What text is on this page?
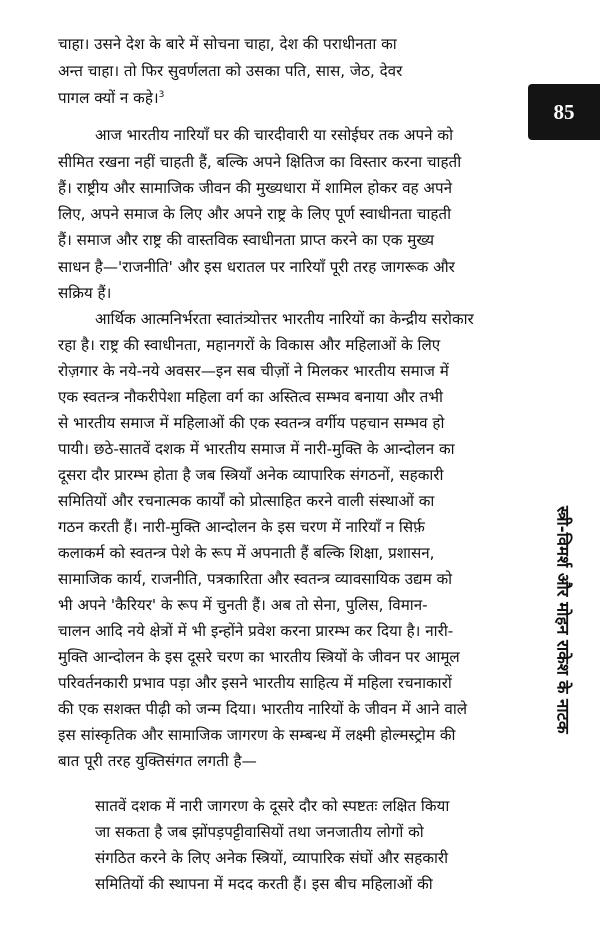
85
स्त्री-विमर्श और मोहन राकेश के नाटक
चाहा। उसने देश के बारे में सोचना चाहा, देश की पराधीनता का
अन्त चाहा। तो फिर सुवर्णलता को उसका पति, सास, जेठ, देवर
पागल क्यों न कहे।$^3$
आज भारतीय नारियाँ घर की चारदीवारी या रसोईघर तक अपने को
सीमित रखना नहीं चाहती हैं, बल्कि अपने क्षितिज का विस्तार करना चाहती
हैं। राष्ट्रीय और सामाजिक जीवन की मुख्यधारा में शामिल होकर वह अपने
लिए, अपने समाज के लिए और अपने राष्ट्र के लिए पूर्ण स्वाधीनता चाहती
हैं। समाज और राष्ट्र की वास्तविक स्वाधीनता प्राप्त करने का एक मुख्य
साधन है—'राजनीति' और इस धरातल पर नारियाँ पूरी तरह जागरूक और
सक्रिय हैं।
आर्थिक आत्मनिर्भरता स्वातंत्र्योत्तर भारतीय नारियों का केन्द्रीय सरोकार
रहा है। राष्ट्र की स्वाधीनता, महानगरों के विकास और महिलाओं के लिए
रोज़गार के नये-नये अवसर—इन सब चीज़ों ने मिलकर भारतीय समाज में
एक स्वतन्त्र नौकरीपेशा महिला वर्ग का अस्तित्व सम्भव बनाया और तभी
से भारतीय समाज में महिलाओं की एक स्वतन्त्र वर्गीय पहचान सम्भव हो
पायी। छठे-सातवें दशक में भारतीय समाज में नारी-मुक्ति के आन्दोलन का
दूसरा दौर प्रारम्भ होता है जब स्त्रियाँ अनेक व्यापारिक संगठनों, सहकारी
समितियों और रचनात्मक कार्यों को प्रोत्साहित करने वाली संस्थाओं का
गठन करती हैं। नारी-मुक्ति आन्दोलन के इस चरण में नारियाँ न सिर्फ़
कलाकर्म को स्वतन्त्र पेशे के रूप में अपनाती हैं बल्कि शिक्षा, प्रशासन,
सामाजिक कार्य, राजनीति, पत्रकारिता और स्वतन्त्र व्यावसायिक उद्यम को
भी अपने 'कैरियर' के रूप में चुनती हैं। अब तो सेना, पुलिस, विमान-
चालन आदि नये क्षेत्रों में भी इन्होंने प्रवेश करना प्रारम्भ कर दिया है। नारी-
मुक्ति आन्दोलन के इस दूसरे चरण का भारतीय स्त्रियों के जीवन पर आमूल
परिवर्तनकारी प्रभाव पड़ा और इसने भारतीय साहित्य में महिला रचनाकारों
की एक सशक्त पीढ़ी को जन्म दिया। भारतीय नारियों के जीवन में आने वाले
इस सांस्कृतिक और सामाजिक जागरण के सम्बन्ध में लक्ष्मी होल्मस्ट्रोम की
बात पूरी तरह युक्तिसंगत लगती है—
सातवें दशक में नारी जागरण के दूसरे दौर को स्पष्टतः लक्षित किया
जा सकता है जब झोंपड़पट्टीवासियों तथा जनजातीय लोगों को
संगठित करने के लिए अनेक स्त्रियों, व्यापारिक संघों और सहकारी
समितियों की स्थापना में मदद करती हैं। इस बीच महिलाओं की
